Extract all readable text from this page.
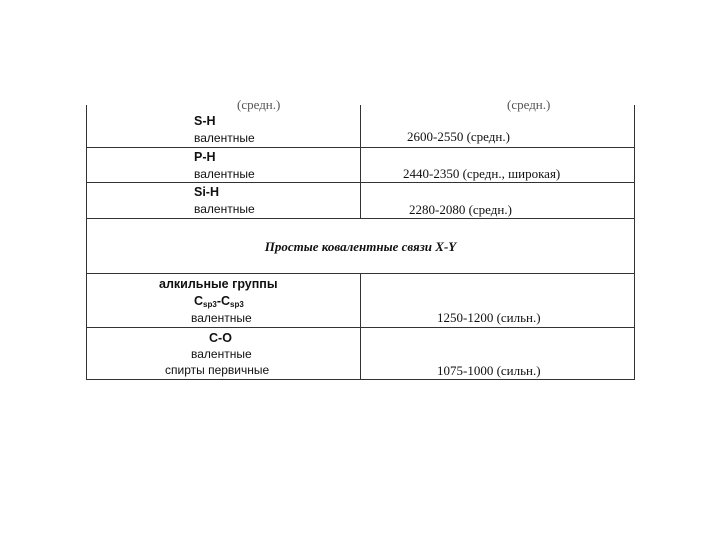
(средн.)	(средн.)
S-H
валентные	2600-2550 (средн.)
P-H
валентные	2440-2350 (средн., широкая)
Si-H
валентные	2280-2080 (средн.)
Простые ковалентные связи X-Y
алкильные группы
$C_{sp3}-C_{sp3}$
валентные	1250-1200 (сильн.)
C-O
валентные
спирты первичные	1075-1000 (сильн.)
